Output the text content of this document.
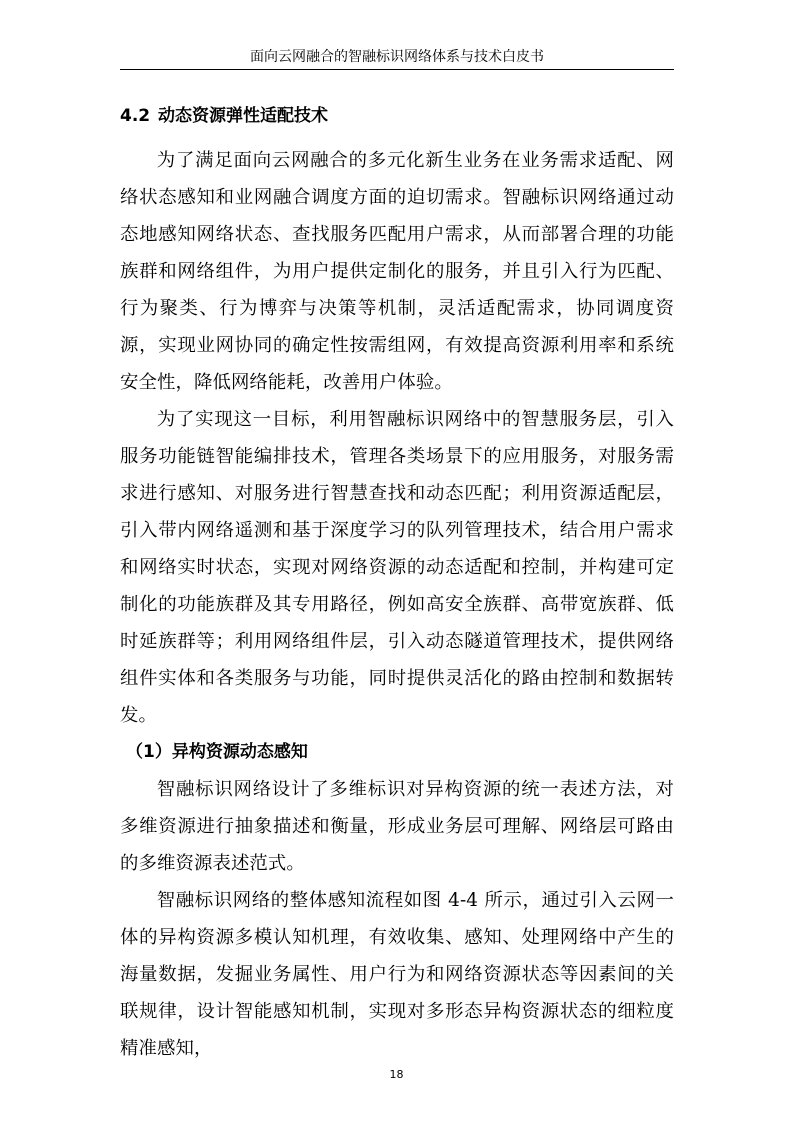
面向云网融合的智融标识网络体系与技术白皮书
4.2 动态资源弹性适配技术

为了满足面向云网融合的多元化新生业务在业务需求适配、网络状态感知和业网融合调度方面的迫切需求。智融标识网络通过动态地感知网络状态、查找服务匹配用户需求，从而部署合理的功能族群和网络组件，为用户提供定制化的服务，并且引入行为匹配、行为聚类、行为博弈与决策等机制，灵活适配需求，协同调度资源，实现业网协同的确定性按需组网，有效提高资源利用率和系统安全性，降低网络能耗，改善用户体验。

为了实现这一目标，利用智融标识网络中的智慧服务层，引入服务功能链智能编排技术，管理各类场景下的应用服务，对服务需求进行感知、对服务进行智慧查找和动态匹配；利用资源适配层，引入带内网络遥测和基于深度学习的队列管理技术，结合用户需求和网络实时状态，实现对网络资源的动态适配和控制，并构建可定制化的功能族群及其专用路径，例如高安全族群、高带宽族群、低时延族群等；利用网络组件层，引入动态隧道管理技术，提供网络组件实体和各类服务与功能，同时提供灵活化的路由控制和数据转发。

（1）异构资源动态感知

智融标识网络设计了多维标识对异构资源的统一表述方法，对多维资源进行抽象描述和衡量，形成业务层可理解、网络层可路由的多维资源表述范式。

智融标识网络的整体感知流程如图 4-4 所示，通过引入云网一体的异构资源多模认知机理，有效收集、感知、处理网络中产生的海量数据，发掘业务属性、用户行为和网络资源状态等因素间的关联规律，设计智能感知机制，实现对多形态异构资源状态的细粒度精准感知，

18
